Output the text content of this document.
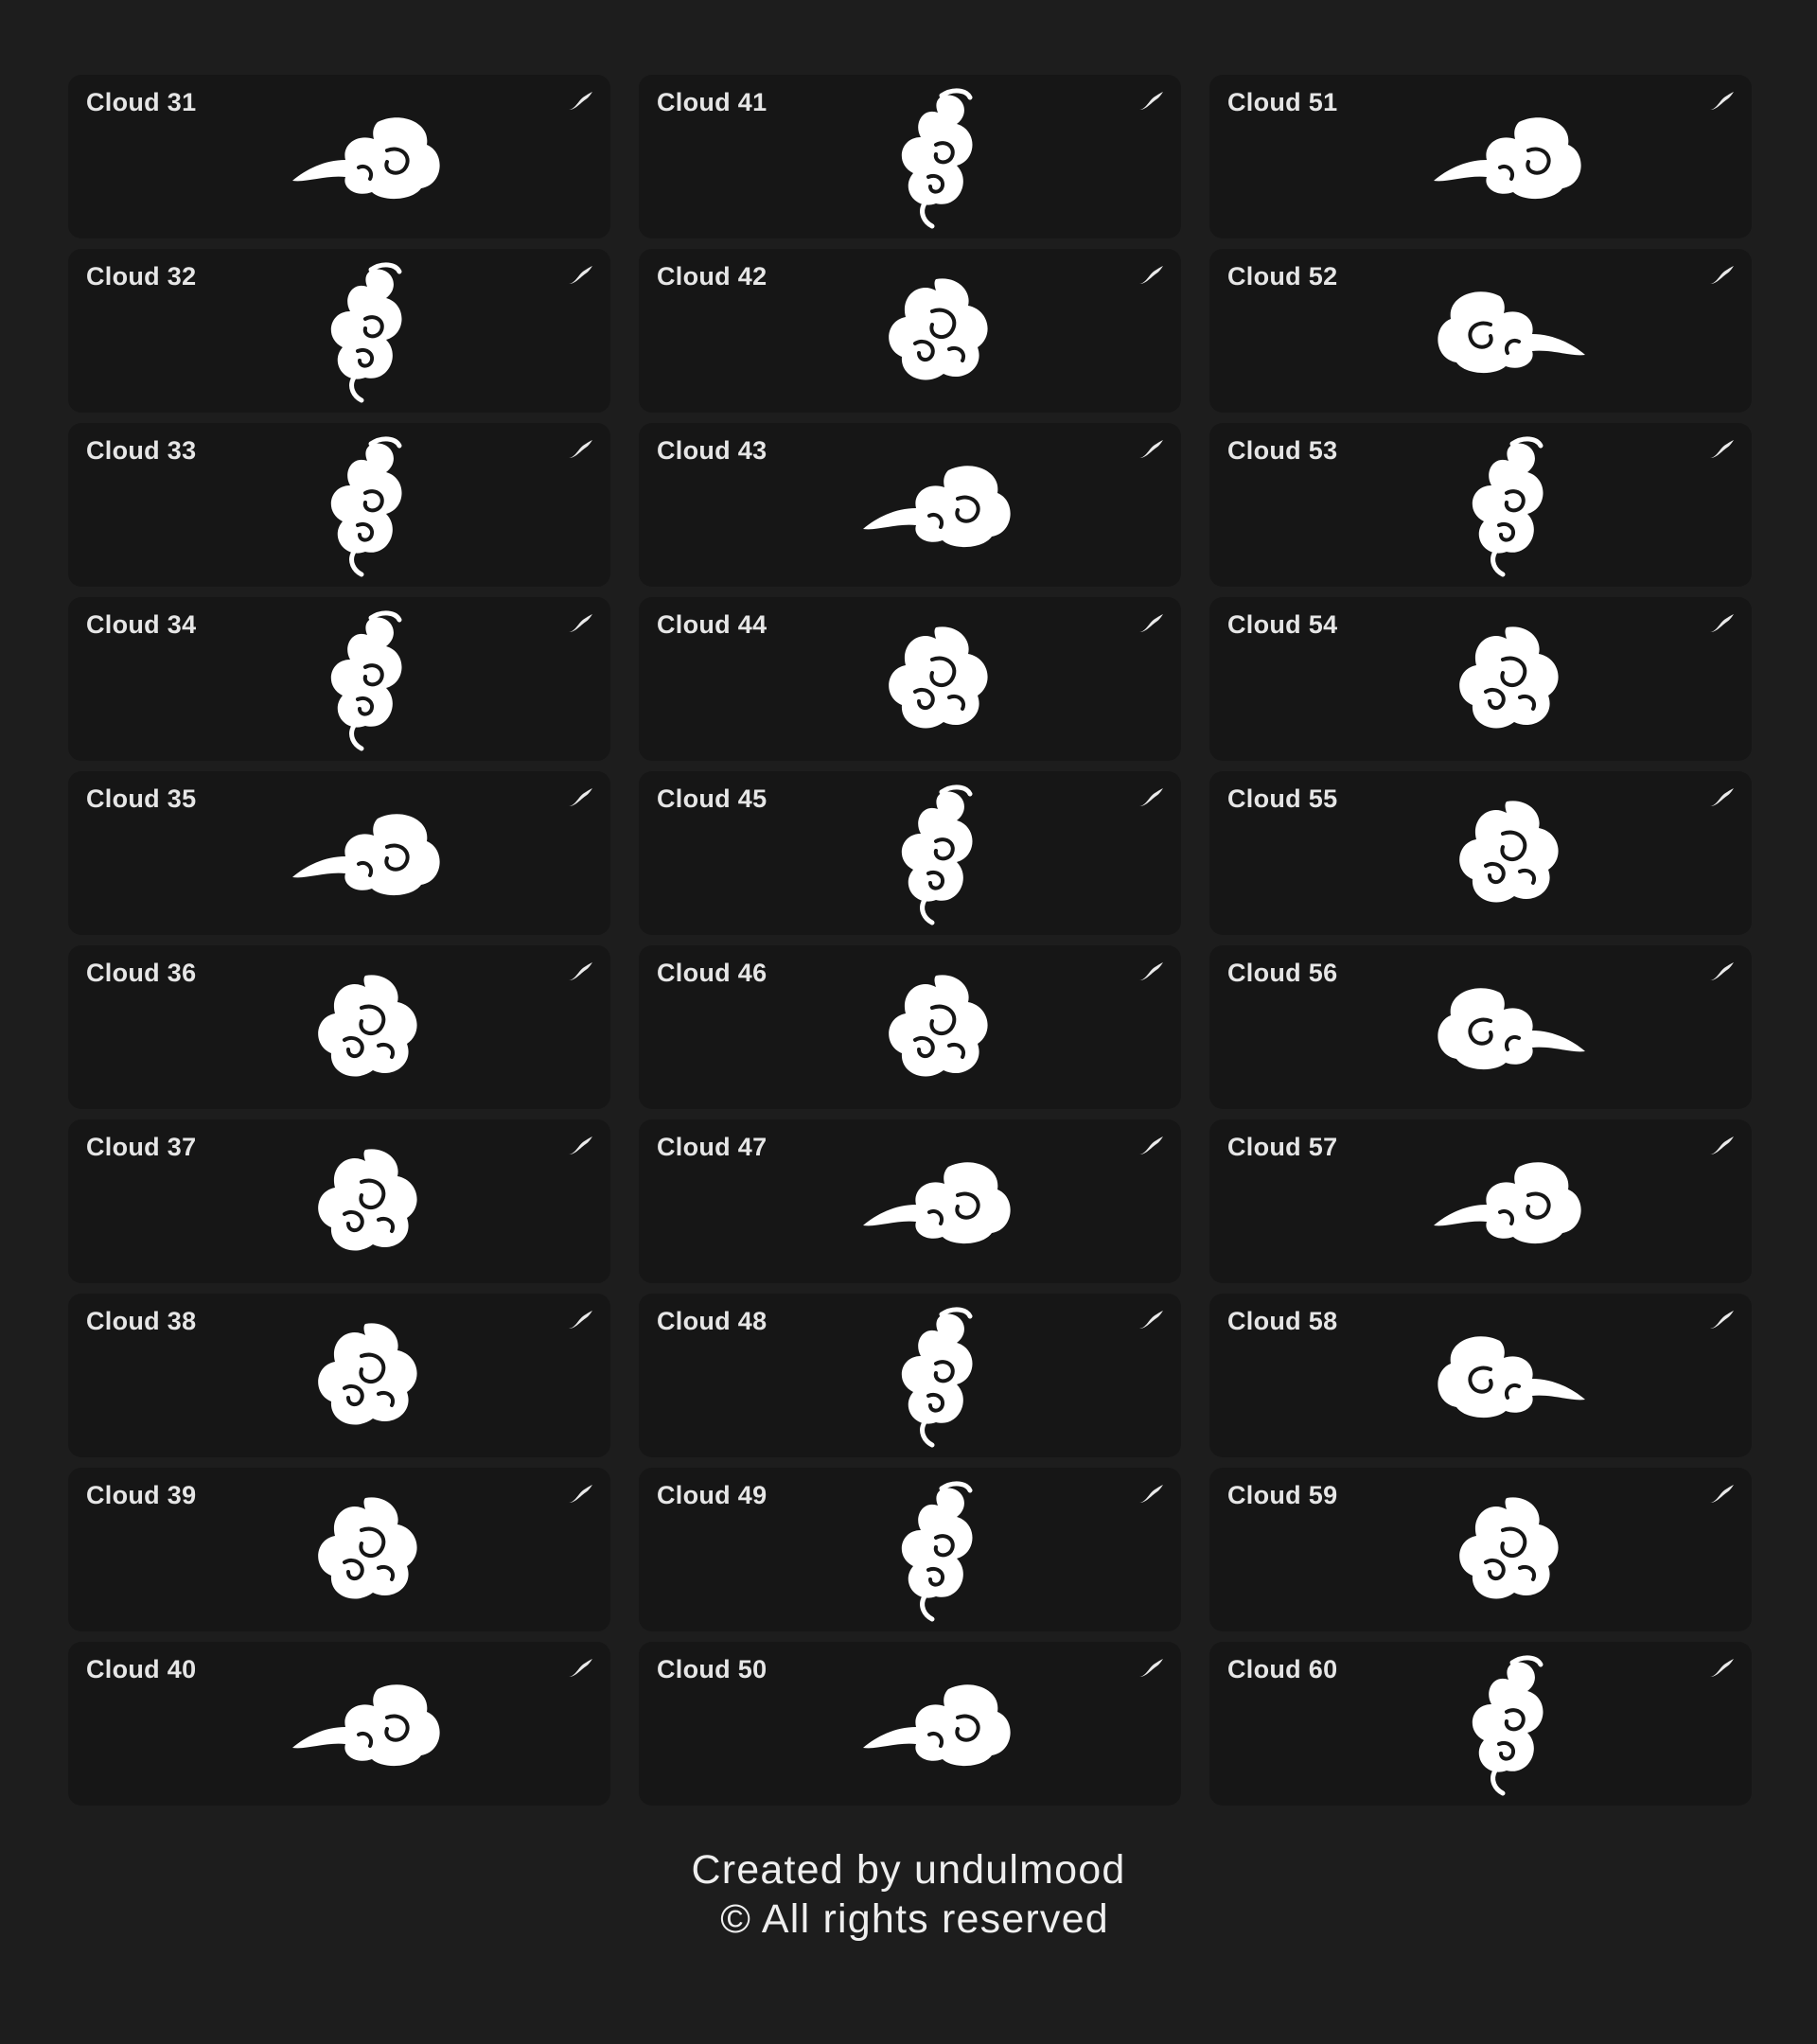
Cloud 31
Cloud 32
Cloud 33
Cloud 34
Cloud 35
Cloud 36
Cloud 37
Cloud 38
Cloud 39
Cloud 40
Cloud 41
Cloud 42
Cloud 43
Cloud 44
Cloud 45
Cloud 46
Cloud 47
Cloud 48
Cloud 49
Cloud 50
Cloud 51
Cloud 52
Cloud 53
Cloud 54
Cloud 55
Cloud 56
Cloud 57
Cloud 58
Cloud 59
Cloud 60
Created by undulmood
© All rights reserved
